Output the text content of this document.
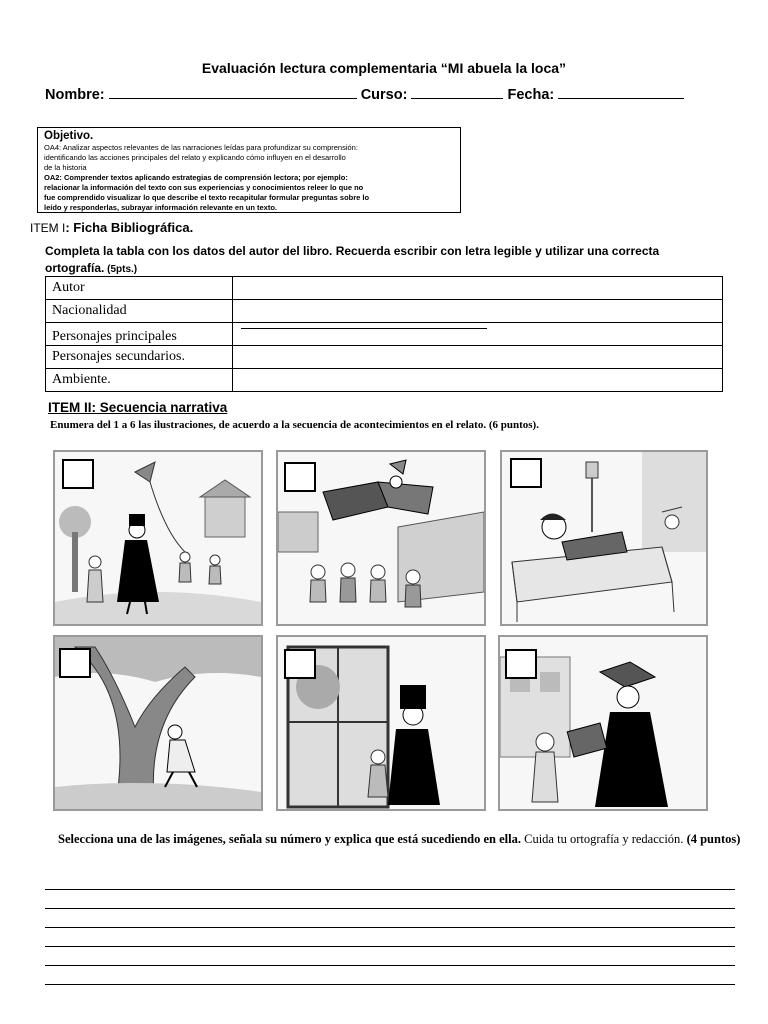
Evaluación lectura complementaria “MI abuela la loca”
Nombre:	Curso:	Fecha:
Objetivo.
OA4: Analizar aspectos relevantes de las narraciones leídas para profundizar su comprensión:
identificando las acciones principales del relato y explicando cómo influyen en el desarrollo
de la historia
OA2: Comprender textos aplicando estrategias de comprensión lectora; por ejemplo:
relacionar la información del texto con sus experiencias y conocimientos releer lo que no
fue comprendido visualizar lo que describe el texto recapitular formular preguntas sobre lo
leído y responderlas, subrayar información relevante en un texto.
ITEM I: Ficha Bibliográfica.
Completa la tabla con los datos del autor del libro. Recuerda escribir con letra legible y utilizar una correcta ortografía. (5pts.)
Autor	
Nacionalidad	
Personajes principales	

Personajes secundarios.	
Ambiente.	
ITEM II: Secuencia narrativa
Enumera del 1 a 6 las ilustraciones, de acuerdo a la secuencia de acontecimientos en el relato. (6 puntos).
Selecciona una de las imágenes, señala su número y explica que está sucediendo en ella. Cuida tu ortografía y redacción. (4 puntos)
